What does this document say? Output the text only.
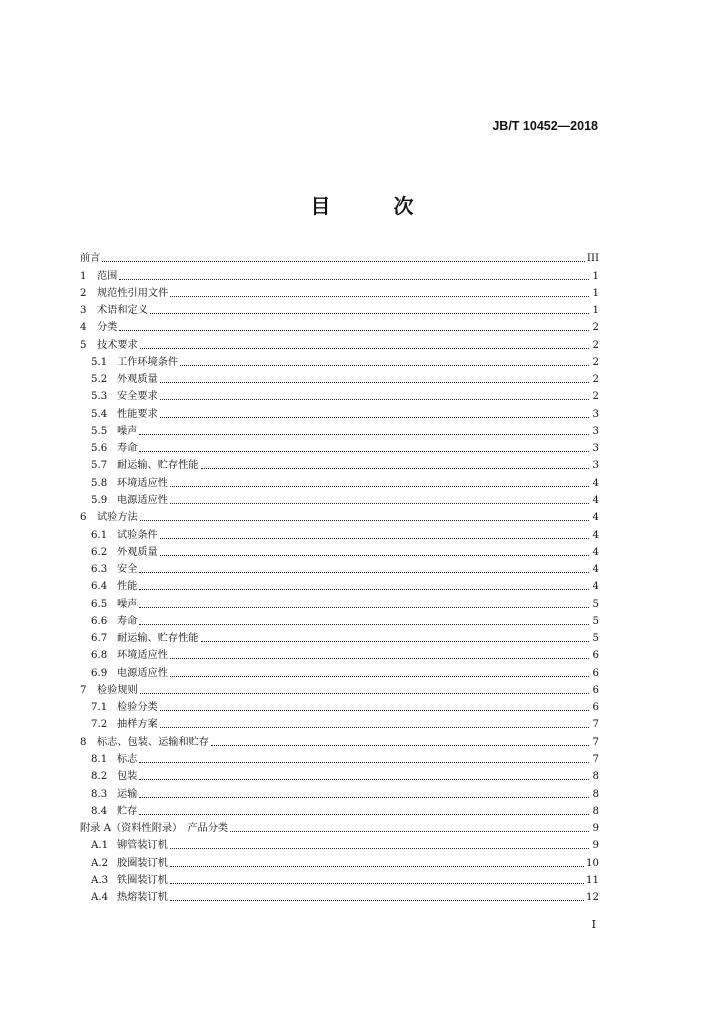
JB/T 10452—2018
目 次
前言	III
1	范围	1
2	规范性引用文件	1
3	术语和定义	1
4	分类	2
5	技术要求	2
5.1 工作环境条件	2
5.2 外观质量	2
5.3 安全要求	2
5.4 性能要求	3
5.5 噪声	3
5.6 寿命	3
5.7 耐运输、贮存性能	3
5.8 环境适应性	4
5.9 电源适应性	4
6	试验方法	4
6.1 试验条件	4
6.2 外观质量	4
6.3 安全	4
6.4 性能	4
6.5 噪声	5
6.6 寿命	5
6.7 耐运输、贮存性能	5
6.8 环境适应性	6
6.9 电源适应性	6
7	检验规则	6
7.1 检验分类	6
7.2 抽样方案	7
8	标志、包装、运输和贮存	7
8.1 标志	7
8.2 包装	8
8.3 运输	8
8.4 贮存	8
附录 A（资料性附录）　产品分类	9
A.1 铆管装订机	9
A.2 胶圈装订机	10
A.3 铁圈装订机	11
A.4 热熔装订机	12
I
